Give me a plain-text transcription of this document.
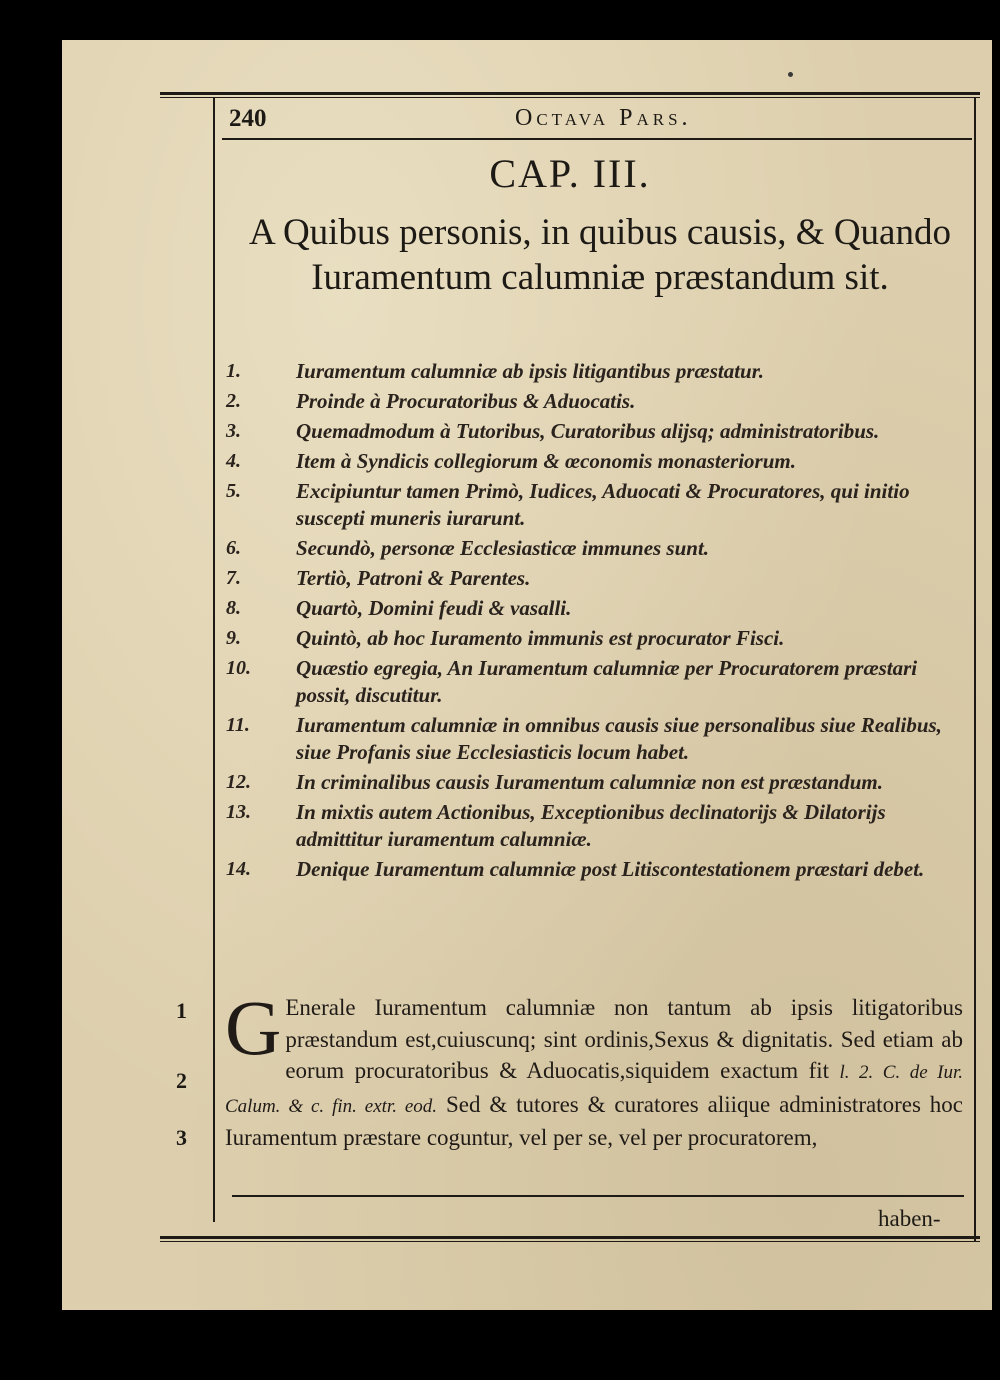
240	Octava Pars.
CAP. III.
A Quibus personis, in quibus causis, & Quando Iuramentum calumniæ præstandum sit.
1.	Iuramentum calumniæ ab ipsis litigantibus præstatur.
2.	Proinde à Procuratoribus & Aduocatis.
3.	Quemadmodum à Tutoribus, Curatoribus alijsq; administratoribus.
4.	Item à Syndicis collegiorum & œconomis monasteriorum.
5.	Excipiuntur tamen Primò, Iudices, Aduocati & Procuratores, qui initio suscepti muneris iurarunt.
6.	Secundò, personæ Ecclesiasticæ immunes sunt.
7.	Tertiò, Patroni & Parentes.
8.	Quartò, Domini feudi & vasalli.
9.	Quintò, ab hoc Iuramento immunis est procurator Fisci.
10.	Quæstio egregia, An Iuramentum calumniæ per Procuratorem præstari possit, discutitur.
11.	Iuramentum calumniæ in omnibus causis siue personalibus siue Realibus, siue Profanis siue Ecclesiasticis locum habet.
12.	In criminalibus causis Iuramentum calumniæ non est præstandum.
13.	In mixtis autem Actionibus, Exceptionibus declinatorijs & Dilatorijs admittitur iuramentum calumniæ.
14.	Denique Iuramentum calumniæ post Litiscontestationem præstari debet.
1
2
3
G Enerale Iuramentum calumniæ non tantum ab ipsis litigatoribus præstandum est,cuiuscunq; sint ordinis,Sexus & dignitatis. Sed etiam ab eorum procuratoribus & Aduocatis,siquidem exactum fit l. 2. C. de Iur. Calum. & c. fin. extr. eod. Sed & tutores & curatores aliique administratores hoc Iuramentum præstare coguntur, vel per se, vel per procuratorem,
haben-
